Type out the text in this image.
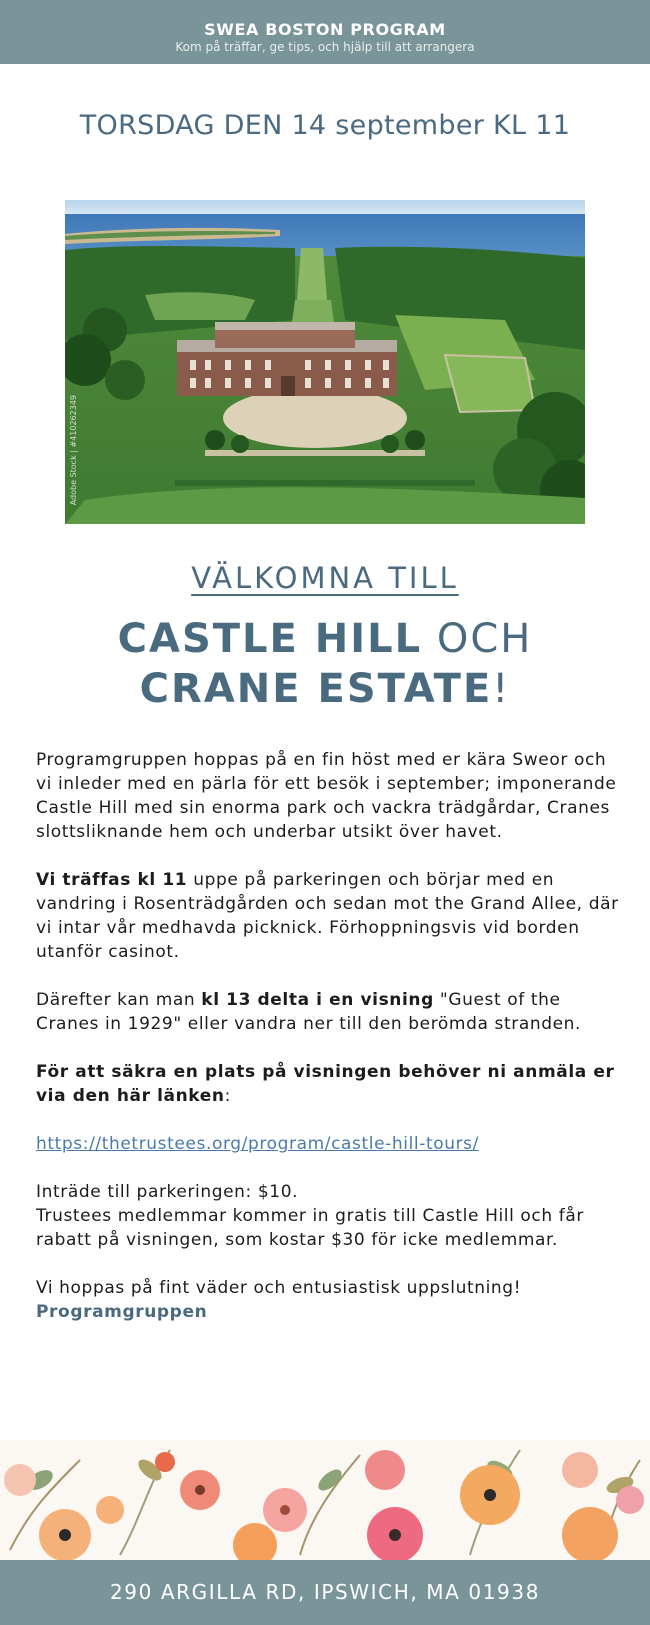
SWEA BOSTON PROGRAM
Kom på träffar, ge tips, och hjälp till att arrangera
TORSDAG DEN 14 september KL 11
Adobe Stock | #410262349
VÄLKOMNA TILL
CASTLE HILL OCH
CRANE ESTATE!

Programgruppen hoppas på en fin höst med er kära Sweor och vi inleder med en pärla för ett besök i september; imponerande Castle Hill med sin enorma park och vackra trädgårdar, Cranes slottsliknande hem och underbar utsikt över havet.

Vi träffas kl 11 uppe på parkeringen och börjar med en vandring i Rosenträdgården och sedan mot the Grand Allee, där vi intar vår medhavda picknick. Förhoppningsvis vid borden utanför casinot.

Därefter kan man kl 13 delta i en visning "Guest of the Cranes in 1929" eller vandra ner till den berömda stranden.

För att säkra en plats på visningen behöver ni anmäla er via den här länken:

https://thetrustees.org/program/castle-hill-tours/

Inträde till parkeringen: $10.

Trustees medlemmar kommer in gratis till Castle Hill och får rabatt på visningen, som kostar $30 för icke medlemmar.

Vi hoppas på fint väder och entusiastisk uppslutning!

Programgruppen

290 ARGILLA RD, IPSWICH, MA 01938
